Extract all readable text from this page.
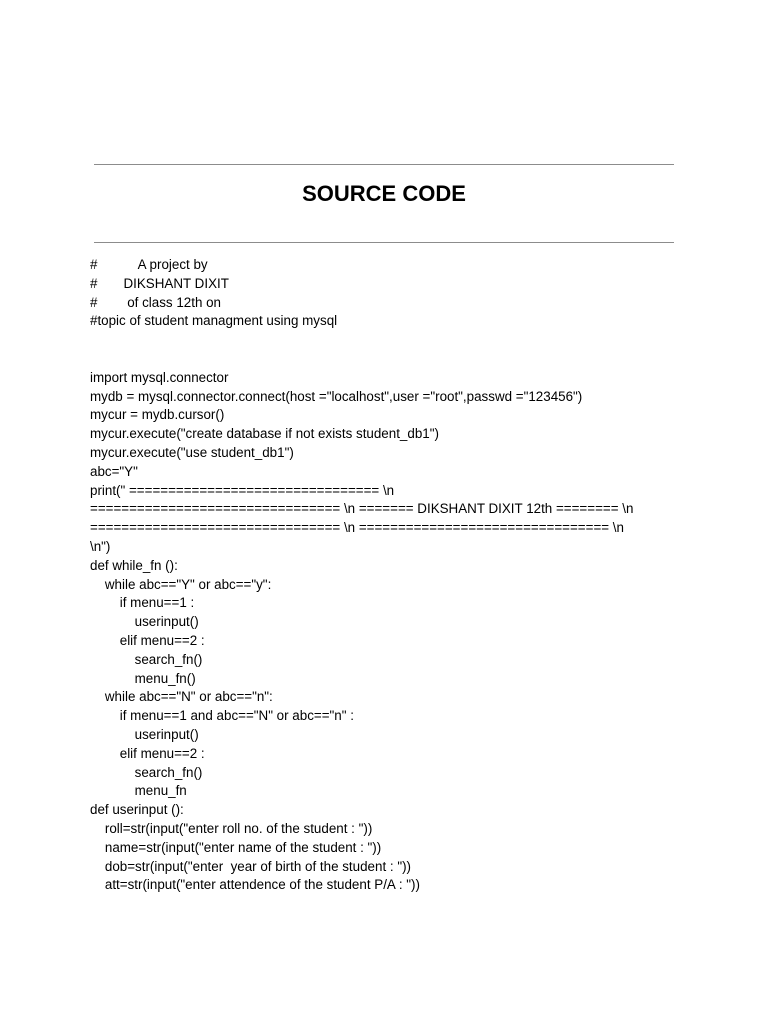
SOURCE CODE
#           A project by
#       DIKSHANT DIXIT
#        of class 12th on
#topic of student managment using mysql
import mysql.connector
mydb = mysql.connector.connect(host ="localhost",user ="root",passwd ="123456")
mycur = mydb.cursor()
mycur.execute("create database if not exists student_db1")
mycur.execute("use student_db1")
abc="Y"
print(" ================================ \n
================================ \n ======= DIKSHANT DIXIT 12th ======== \n
================================ \n ================================ \n
\n")
def while_fn ():
while abc=="Y" or abc=="y":
if menu==1 :
userinput()
elif menu==2 :
search_fn()
menu_fn()
while abc=="N" or abc=="n":
if menu==1 and abc=="N" or abc=="n" :
userinput()
elif menu==2 :
search_fn()
menu_fn
def userinput ():
roll=str(input("enter roll no. of the student : "))
name=str(input("enter name of the student : "))
dob=str(input("enter  year of birth of the student : "))
att=str(input("enter attendence of the student P/A : "))
